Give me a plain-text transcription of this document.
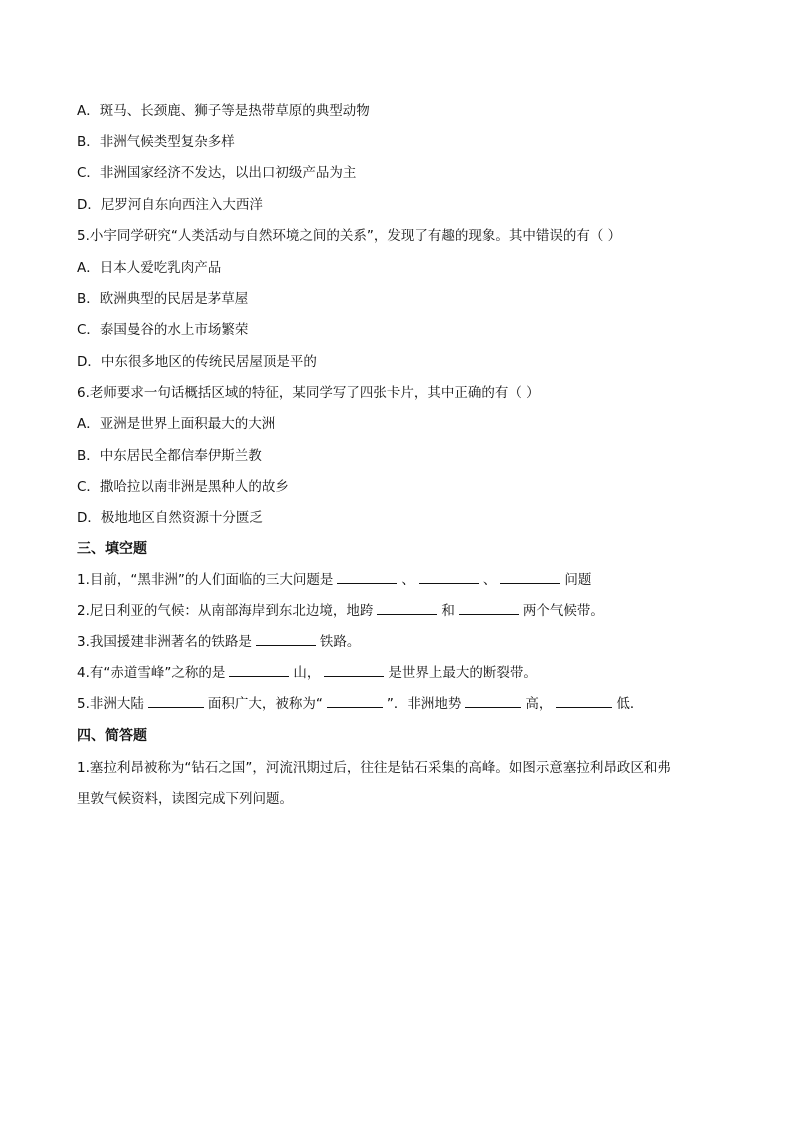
A．斑马、长颈鹿、狮子等是热带草原的典型动物
B．非洲气候类型复杂多样
C．非洲国家经济不发达，以出口初级产品为主
D．尼罗河自东向西注入大西洋
5.小宇同学研究“人类活动与自然环境之间的关系”，发现了有趣的现象。其中错误的有（ ）
A．日本人爱吃乳肉产品
B．欧洲典型的民居是茅草屋
C．泰国曼谷的水上市场繁荣
D．中东很多地区的传统民居屋顶是平的
6.老师要求一句话概括区域的特征，某同学写了四张卡片，其中正确的有（ ）
A．亚洲是世界上面积最大的大洲
B．中东居民全都信奉伊斯兰教
C．撒哈拉以南非洲是黑种人的故乡
D．极地地区自然资源十分匮乏
三、填空题
1.目前，“黑非洲”的人们面临的三大问题是	、	、	问题
2.尼日利亚的气候：从南部海岸到东北边境，地跨	和	两个气候带。
3.我国援建非洲著名的铁路是	铁路。
4.有“赤道雪峰”之称的是	山，	是世界上最大的断裂带。
5.非洲大陆	面积广大，被称为“	”．非洲地势	高，	低．
四、简答题
1.塞拉利昂被称为“钻石之国”，河流汛期过后，往往是钻石采集的高峰。如图示意塞拉利昂政区和弗
里敦气候资料，读图完成下列问题。
